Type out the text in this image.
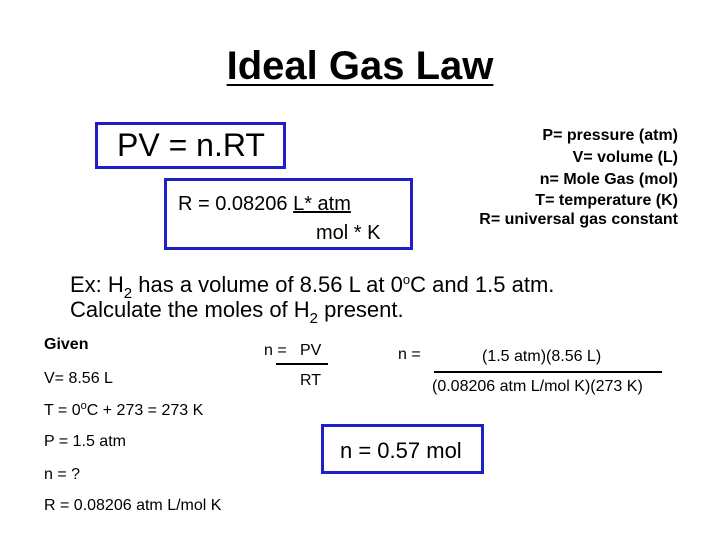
Ideal Gas Law
PV = n.RT
R = 0.08206 L* atm
mol * K
P= pressure (atm)
V= volume (L)
n= Mole Gas (mol)
T= temperature (K)
R= universal gas constant
Ex: $H_2$ has a volume of 8.56 L at 0$^o$C and 1.5 atm.
Calculate the moles of $H_2$ present.
Given
V= 8.56 L
$T = 0^oC + 273 = 273$ K
P = 1.5 atm
n = ?
R = 0.08206 atm L/mol K
n = PV
RT
n =	(1.5 atm)(8.56 L)
(0.08206 atm L/mol K)(273 K)
n = 0.57 mol
